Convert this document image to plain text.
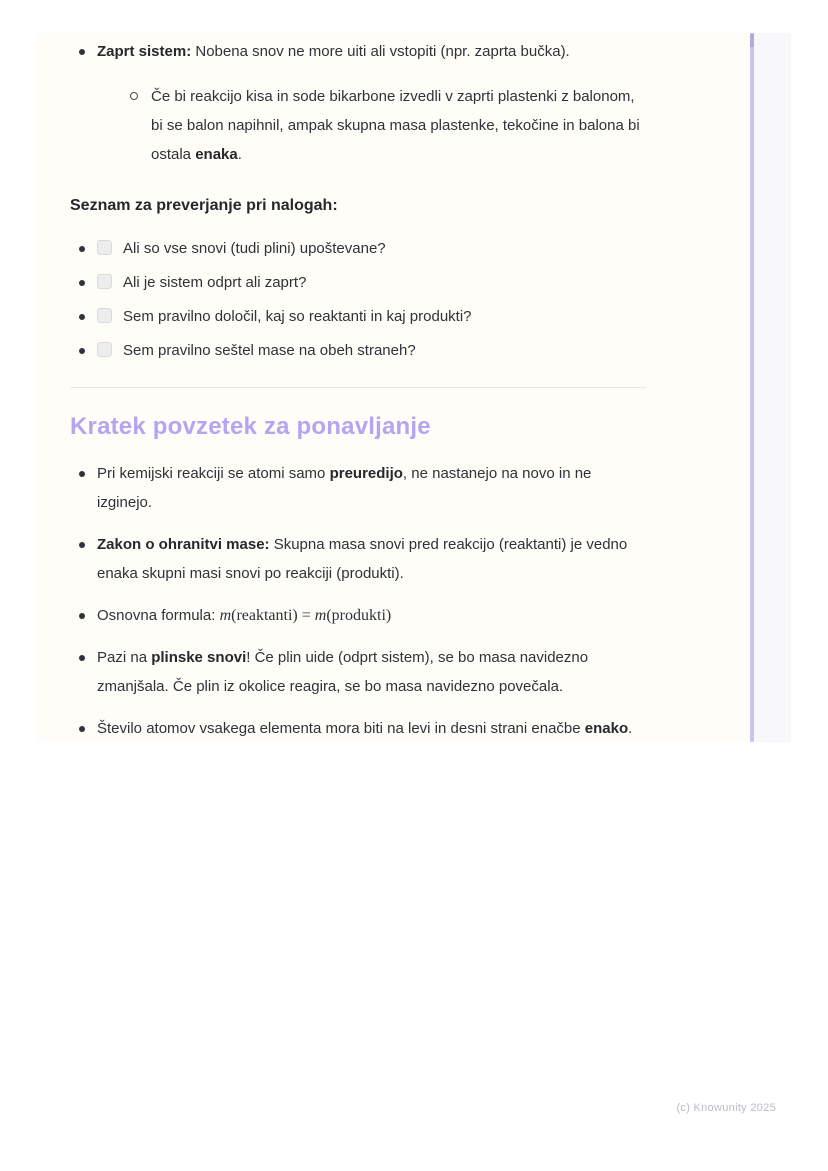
Zaprt sistem: Nobena snov ne more uiti ali vstopiti (npr. zaprta bučka).
Če bi reakcijo kisa in sode bikarbone izvedli v zaprti plastenki z balonom, bi se balon napihnil, ampak skupna masa plastenke, tekočine in balona bi ostala enaka.

Seznam za preverjanje pri nalogah:

Ali so vse snovi (tudi plini) upoštevane?
Ali je sistem odprt ali zaprt?
Sem pravilno določil, kaj so reaktanti in kaj produkti?
Sem pravilno seštel mase na obeh straneh?
Kratek povzetek za ponavljanje
Pri kemijski reakciji se atomi samo preuredijo, ne nastanejo na novo in ne izginejo.
Zakon o ohranitvi mase: Skupna masa snovi pred reakcijo (reaktanti) je vedno enaka skupni masi snovi po reakciji (produkti).
Osnovna formula: m(reaktanti) = m(produkti)
Pazi na plinske snovi! Če plin uide (odprt sistem), se bo masa navidezno zmanjšala. Če plin iz okolice reagira, se bo masa navidezno povečala.
Število atomov vsakega elementa mora biti na levi in desni strani enačbe enako.
(c) Knowunity 2025
